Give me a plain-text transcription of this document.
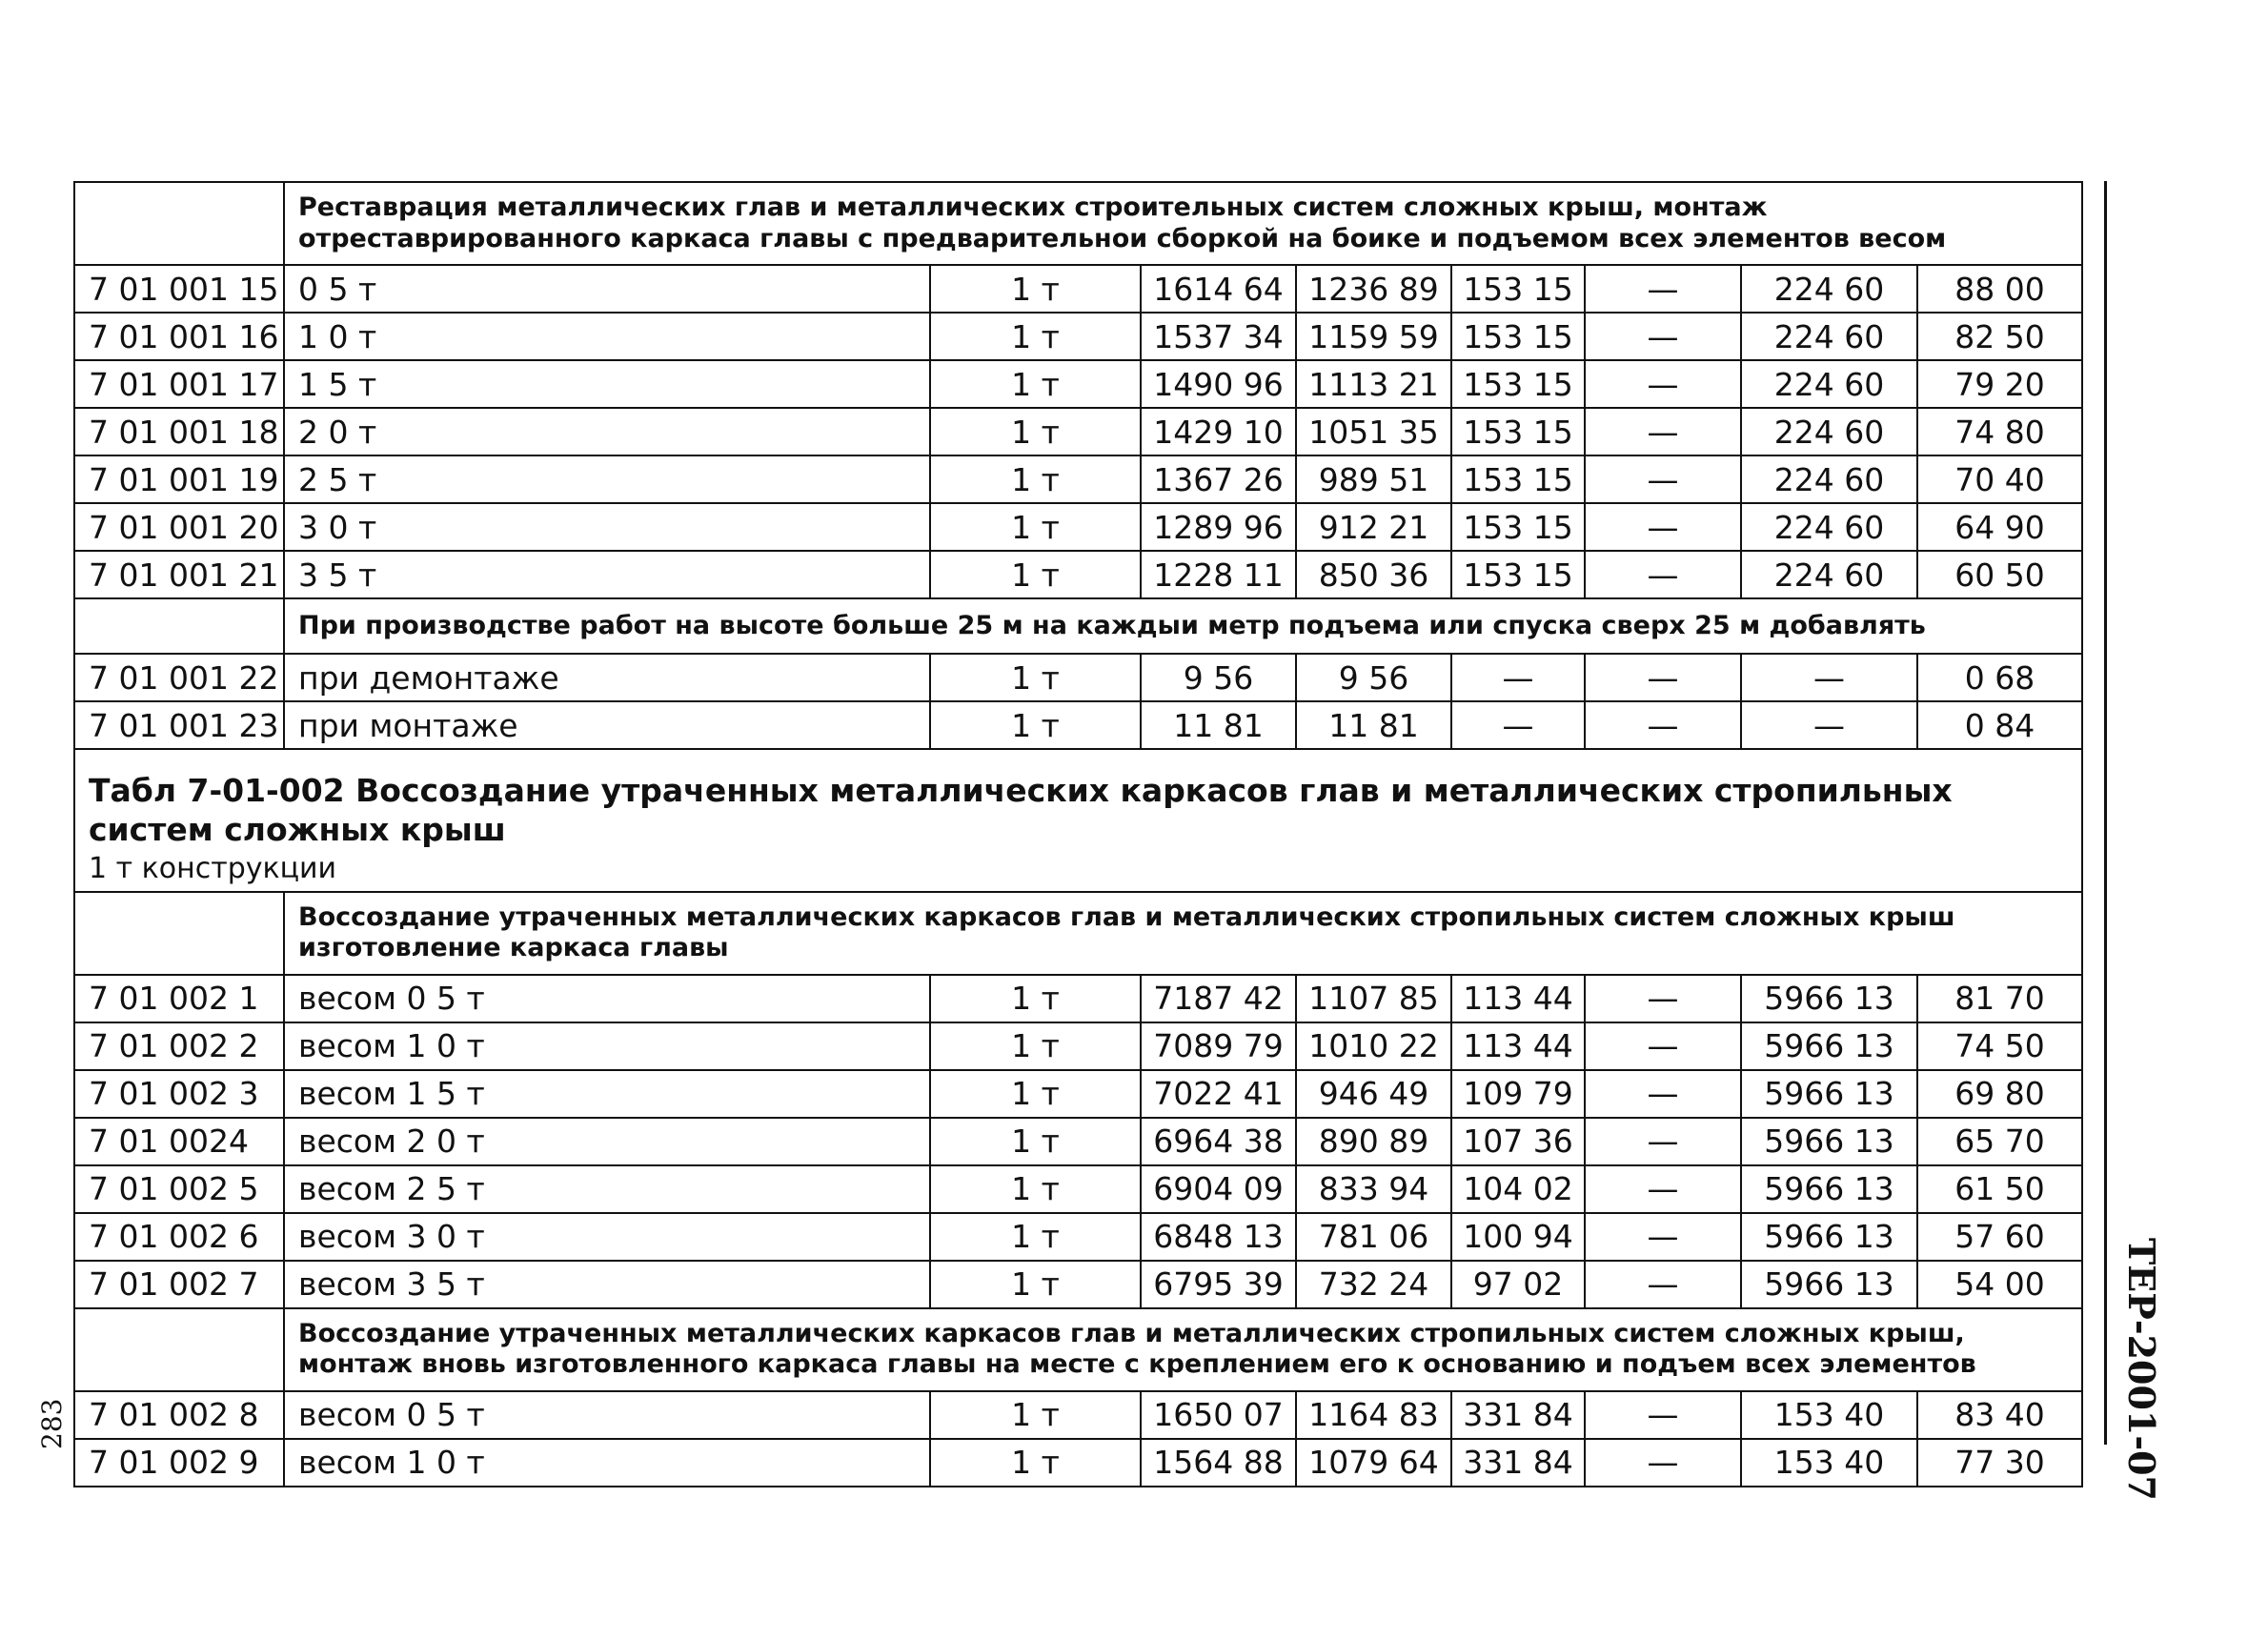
	Реставрация металлических глав и металлических строительных систем сложных крыш, монтаж отреставрированного каркаса главы с предварительнои сборкой на боике и подъемом всех элементов весом							
7 01 001 15	0 5 т	1 т	1614 64	1236 89	153 15	—	224 60	88 00
7 01 001 16	1 0 т	1 т	1537 34	1159 59	153 15	—	224 60	82 50
7 01 001 17	1 5 т	1 т	1490 96	1113 21	153 15	—	224 60	79 20
7 01 001 18	2 0 т	1 т	1429 10	1051 35	153 15	—	224 60	74 80
7 01 001 19	2 5 т	1 т	1367 26	989 51	153 15	—	224 60	70 40
7 01 001 20	3 0 т	1 т	1289 96	912 21	153 15	—	224 60	64 90
7 01 001 21	3 5 т	1 т	1228 11	850 36	153 15	—	224 60	60 50
	При производстве работ на высоте больше 25 м на каждыи метр подъема или спуска сверх 25 м добавлять							
7 01 001 22	при демонтаже	1 т	9 56	9 56	—	—	—	0 68
7 01 001 23	при монтаже	1 т	11 81	11 81	—	—	—	0 84

Табл 7-01-002 Воссоздание утраченных металлических каркасов глав и металлических стропильных систем сложных крыш
1 т конструкции								

	Воссоздание утраченных металлических каркасов глав и металлических стропильных систем сложных крыш изготовление каркаса главы							
7 01 002 1	весом 0 5 т	1 т	7187 42	1107 85	113 44	—	5966 13	81 70
7 01 002 2	весом 1 0 т	1 т	7089 79	1010 22	113 44	—	5966 13	74 50
7 01 002 3	весом 1 5 т	1 т	7022 41	946 49	109 79	—	5966 13	69 80
7 01 0024	весом 2 0 т	1 т	6964 38	890 89	107 36	—	5966 13	65 70
7 01 002 5	весом 2 5 т	1 т	6904 09	833 94	104 02	—	5966 13	61 50
7 01 002 6	весом 3 0 т	1 т	6848 13	781 06	100 94	—	5966 13	57 60
7 01 002 7	весом 3 5 т	1 т	6795 39	732 24	97 02	—	5966 13	54 00
	Воссоздание утраченных металлических каркасов глав и металлических стропильных систем сложных крыш, монтаж вновь изготовленного каркаса главы на месте с креплением его к основанию и подъем всех элементов							
7 01 002 8	весом 0 5 т	1 т	1650 07	1164 83	331 84	—	153 40	83 40
7 01 002 9	весом 1 0 т	1 т	1564 88	1079 64	331 84	—	153 40	77 30 ТЕР-2001-07
283
